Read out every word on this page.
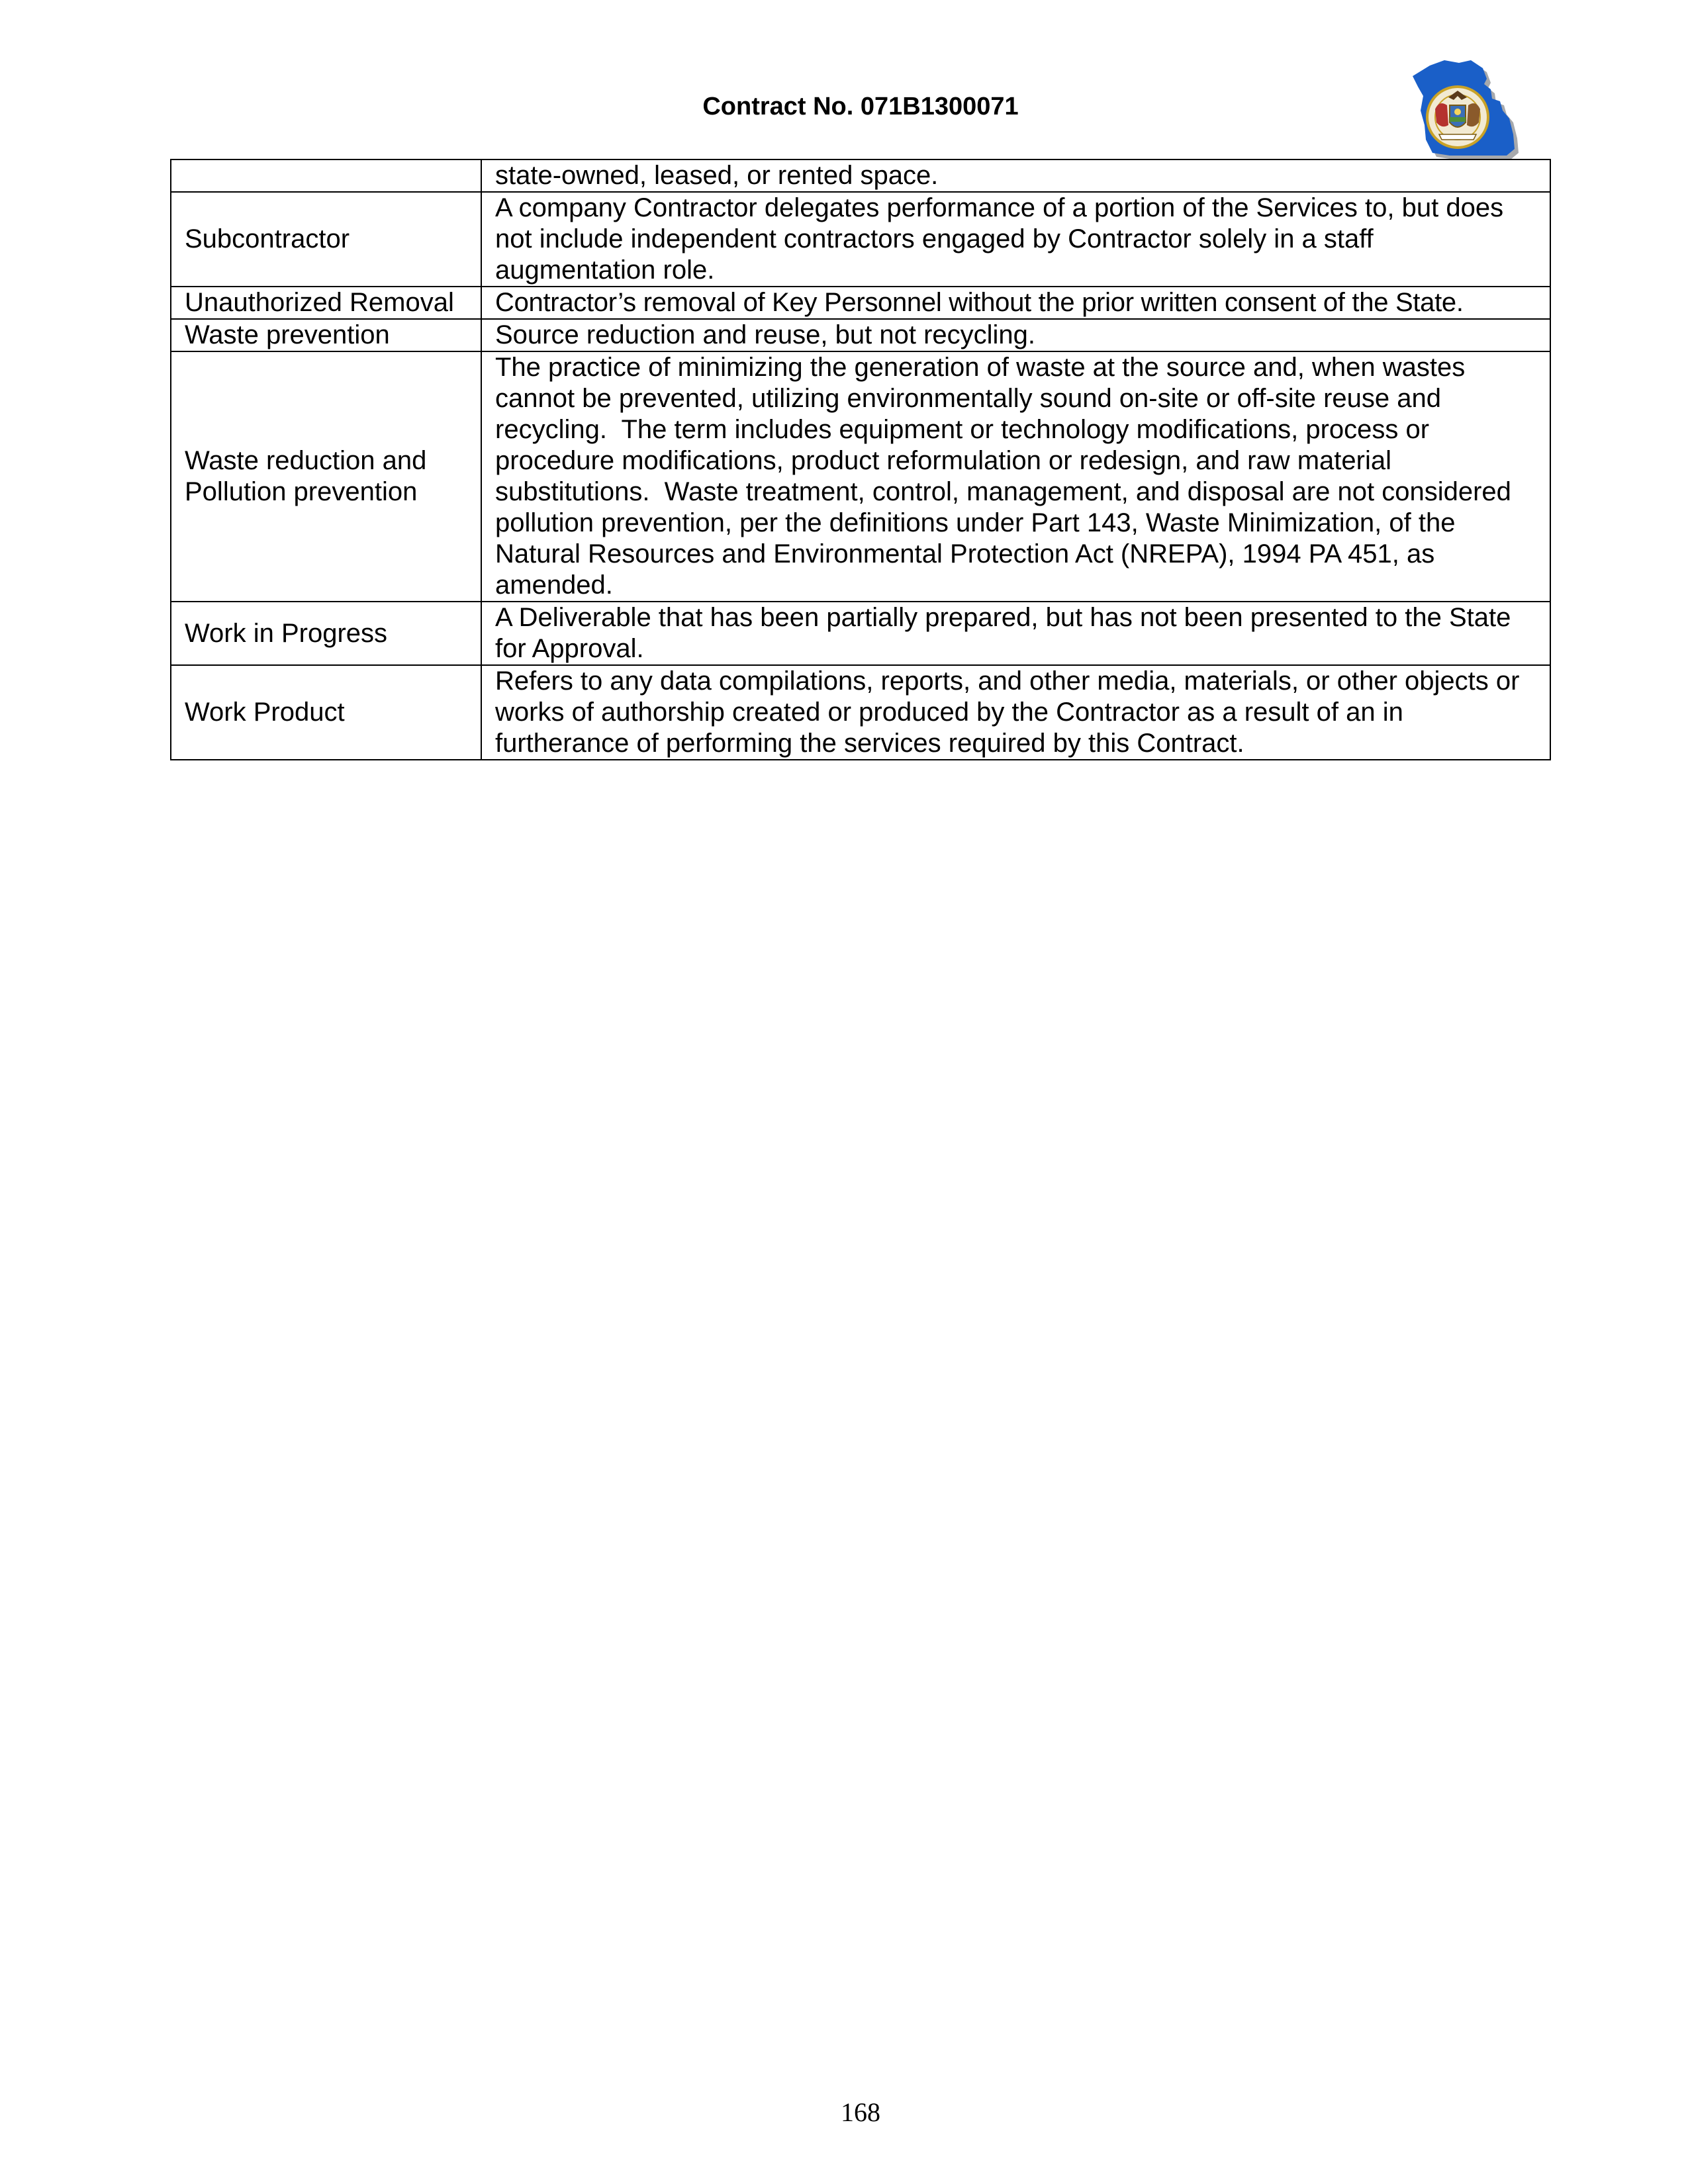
Contract No. 071B1300071
	state-owned, leased, or rented space.
Subcontractor	A company Contractor delegates performance of a portion of the Services to, but does not include independent contractors engaged by Contractor solely in a staff augmentation role.
Unauthorized Removal	Contractor’s removal of Key Personnel without the prior written consent of the State.
Waste prevention	Source reduction and reuse, but not recycling.
Waste reduction and Pollution prevention	The practice of minimizing the generation of waste at the source and, when wastes cannot be prevented, utilizing environmentally sound on-site or off-site reuse and recycling.  The term includes equipment or technology modifications, process or procedure modifications, product reformulation or redesign, and raw material substitutions.  Waste treatment, control, management, and disposal are not considered pollution prevention, per the definitions under Part 143, Waste Minimization, of the Natural Resources and Environmental Protection Act (NREPA), 1994 PA 451, as amended.
Work in Progress	A Deliverable that has been partially prepared, but has not been presented to the State for Approval.
Work Product	Refers to any data compilations, reports, and other media, materials, or other objects or works of authorship created or produced by the Contractor as a result of an in furtherance of performing the services required by this Contract.
168
